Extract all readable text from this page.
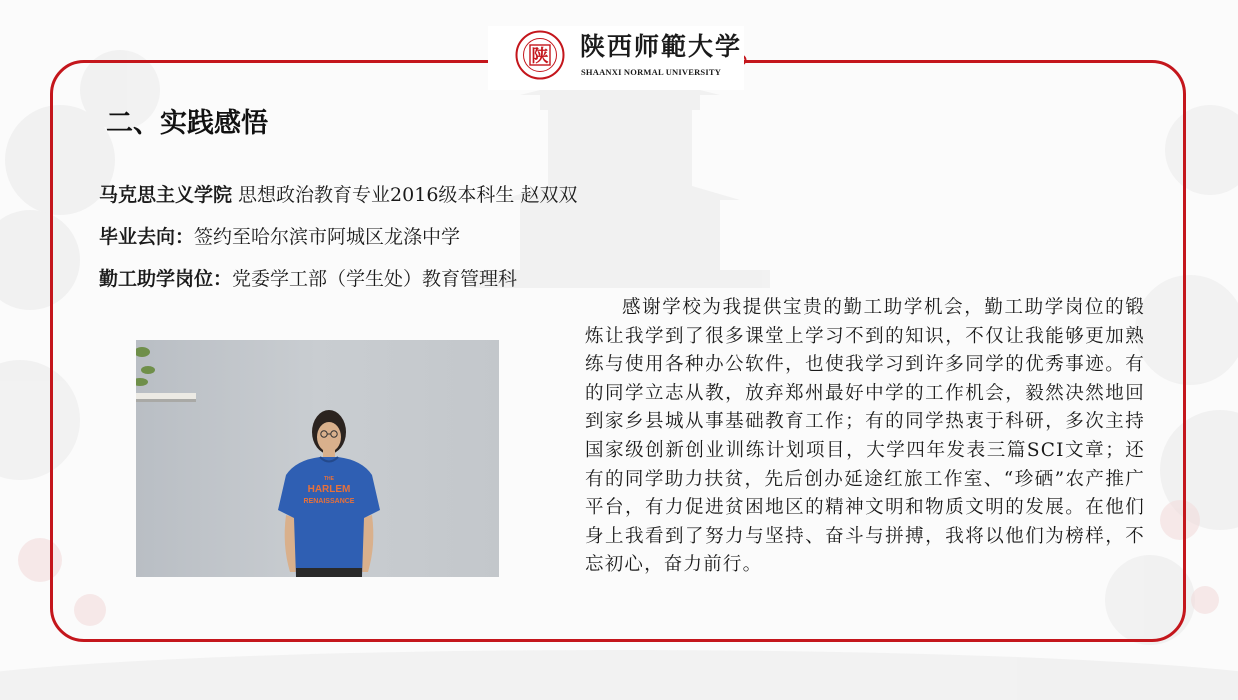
陕 陕西师範大学
SHAANXI NORMAL UNIVERSITY
二、实践感悟
马克思主义学院 思想政治教育专业2016级本科生 赵双双
毕业去向：签约至哈尔滨市阿城区龙涤中学
勤工助学岗位：党委学工部（学生处）教育管理科
THE
HARLEM
RENAISSANCE
感谢学校为我提供宝贵的勤工助学机会，勤工助学岗位的锻炼让我学到了很多课堂上学习不到的知识，不仅让我能够更加熟练与使用各种办公软件，也使我学习到许多同学的优秀事迹。有的同学立志从教，放弃郑州最好中学的工作机会，毅然决然地回到家乡县城从事基础教育工作；有的同学热衷于科研，多次主持国家级创新创业训练计划项目，大学四年发表三篇SCI文章；还有的同学助力扶贫，先后创办延途红旅工作室、“珍硒”农产推广平台，有力促进贫困地区的精神文明和物质文明的发展。在他们身上我看到了努力与坚持、奋斗与拼搏，我将以他们为榜样，不忘初心，奋力前行。
